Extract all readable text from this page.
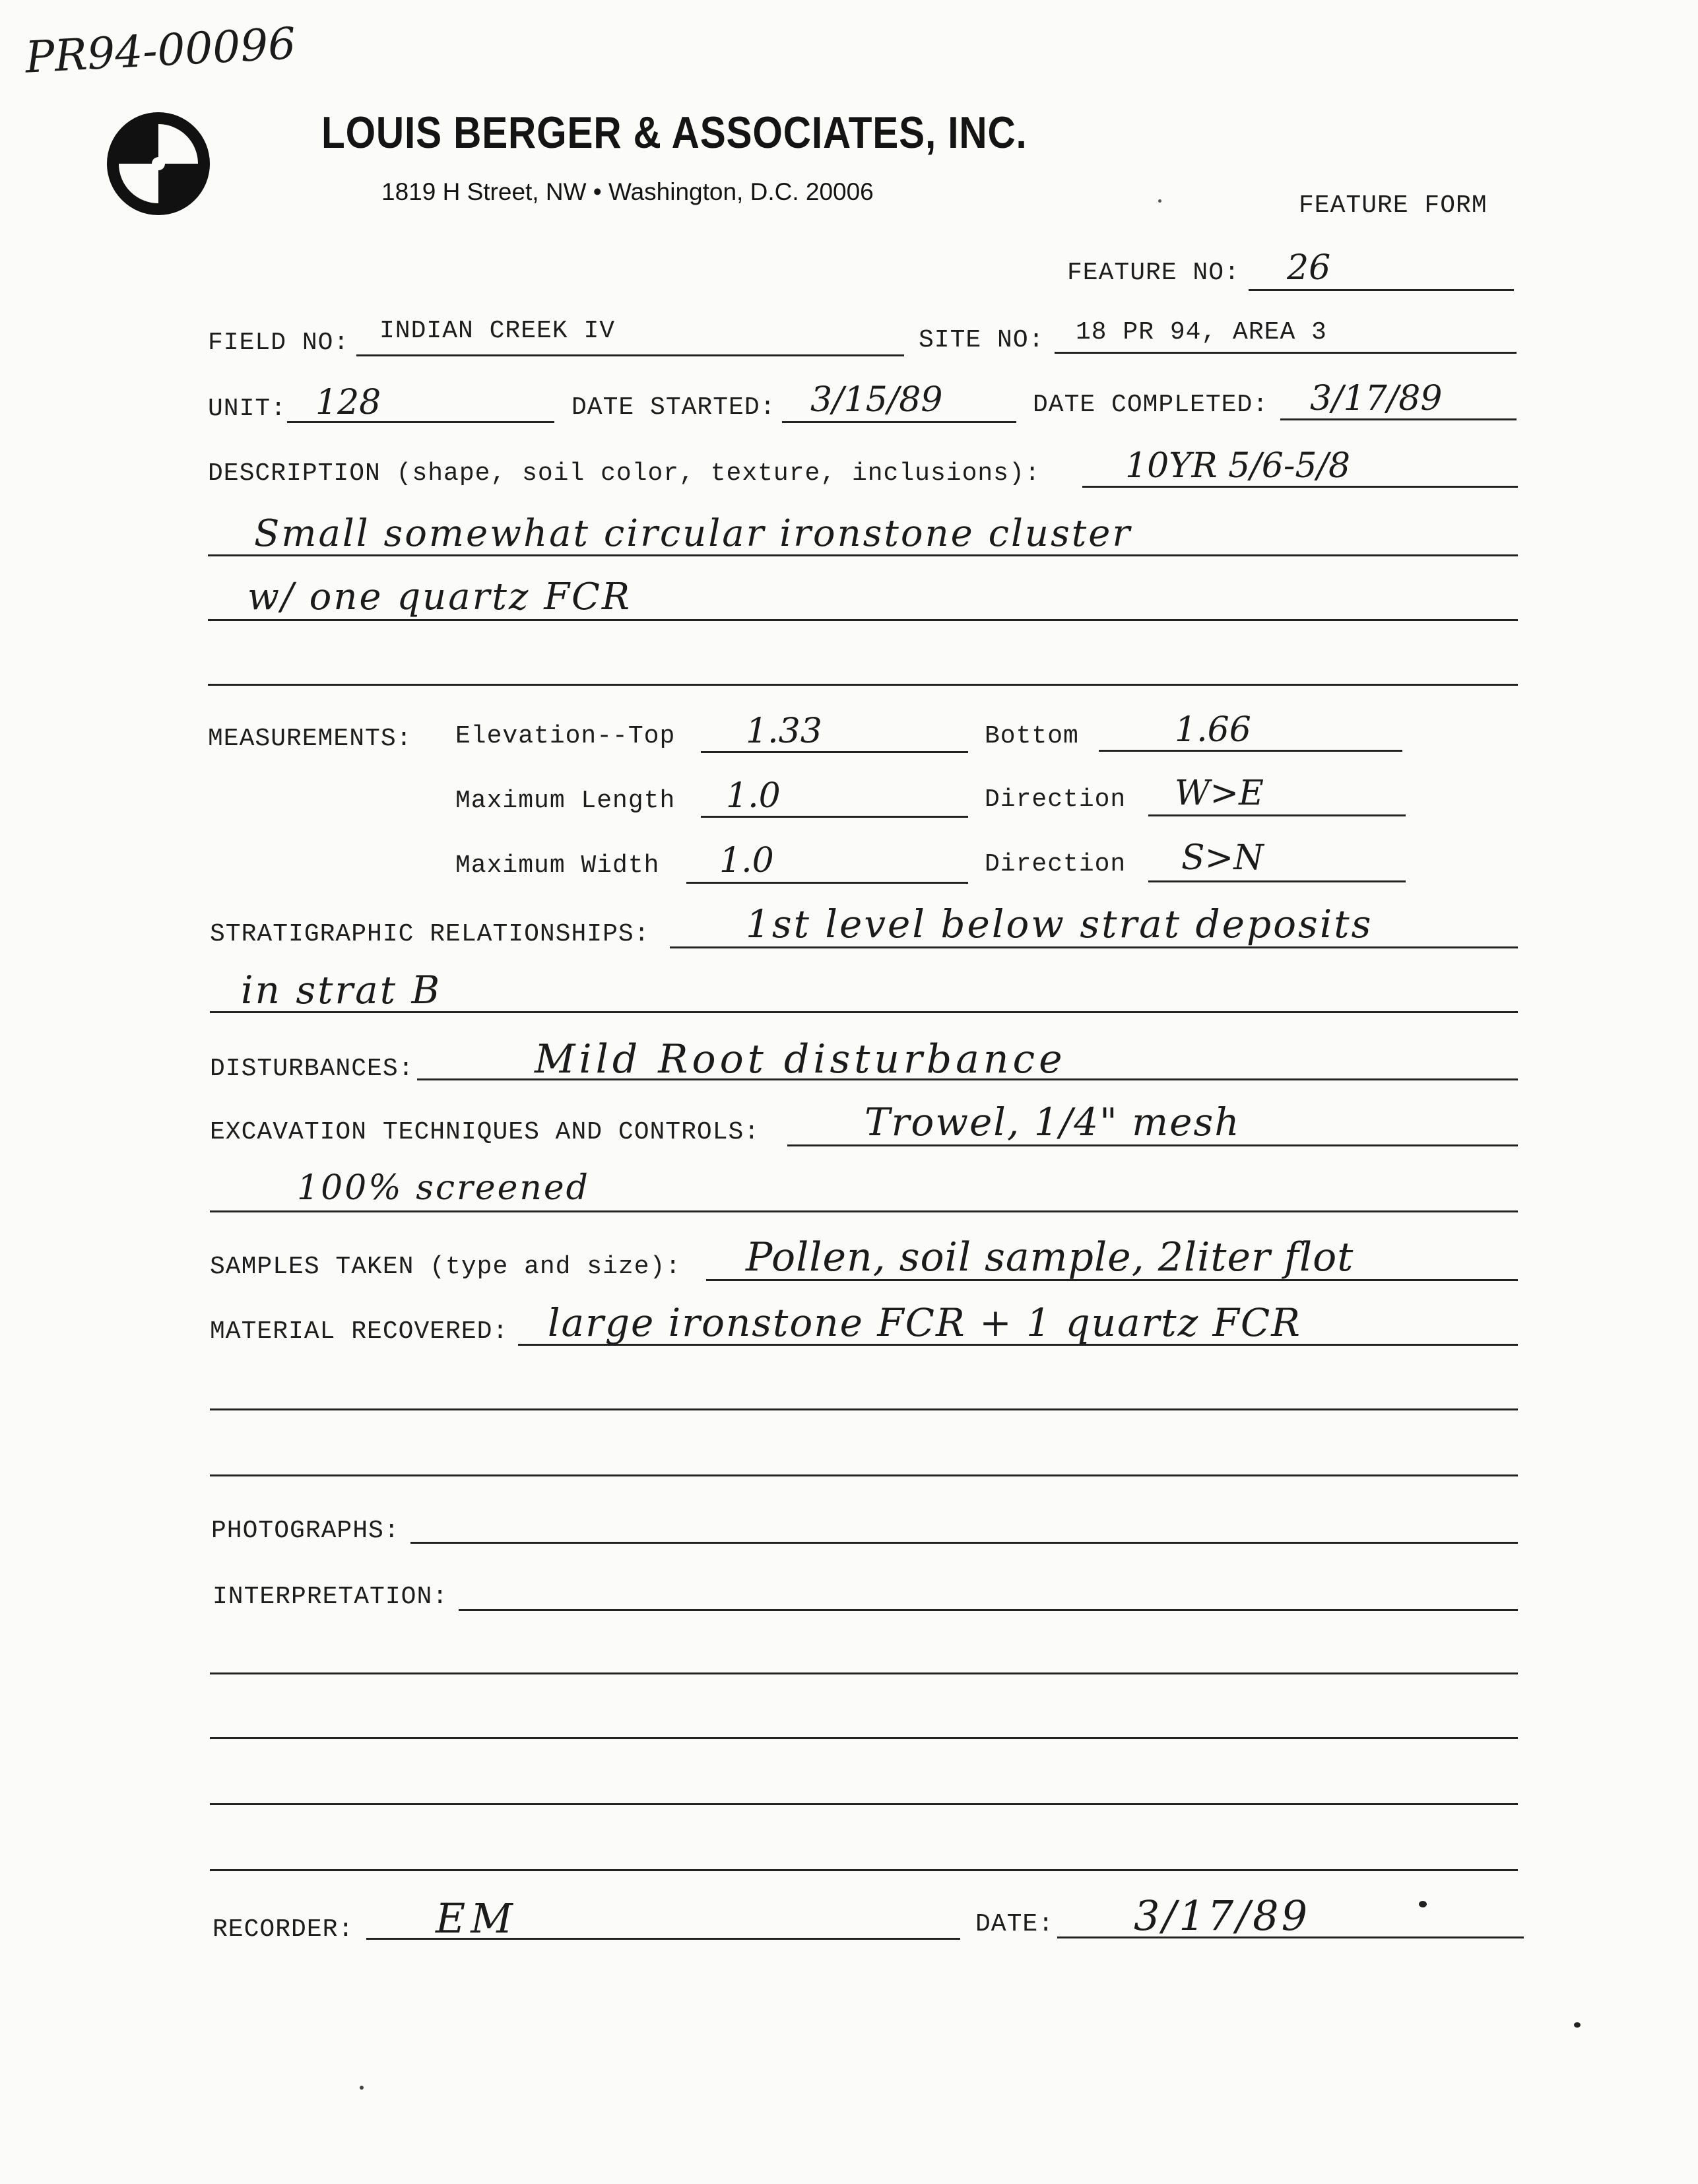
PR94-00096
LOUIS BERGER & ASSOCIATES, INC.
1819 H Street, NW • Washington, D.C. 20006	FEATURE FORM
FEATURE NO: 26
FIELD NO: INDIAN CREEK IV	SITE NO: 18 PR 94, AREA 3
UNIT: 128	DATE STARTED: 3/15/89	DATE COMPLETED: 3/17/89
DESCRIPTION (shape, soil color, texture, inclusions): 10YR 5/6-5/8
Small somewhat circular ironstone cluster
w/ one quartz FCR
MEASUREMENTS: Elevation--Top 1.33	Bottom	1.66
Maximum Length 1.0	Direction W>E
Maximum Width 1.0	Direction S>N
STRATIGRAPHIC RELATIONSHIPS:	1st level below strat deposits
in strat B
DISTURBANCES:	Mild Root disturbance
EXCAVATION TECHNIQUES AND CONTROLS:	Trowel, 1/4" mesh
100% screened
SAMPLES TAKEN (type and size): Pollen, soil sample, 2liter flot
MATERIAL RECOVERED: large ironstone FCR + 1 quartz FCR
PHOTOGRAPHS:
INTERPRETATION:
RECORDER: EM	DATE: 3/17/89
